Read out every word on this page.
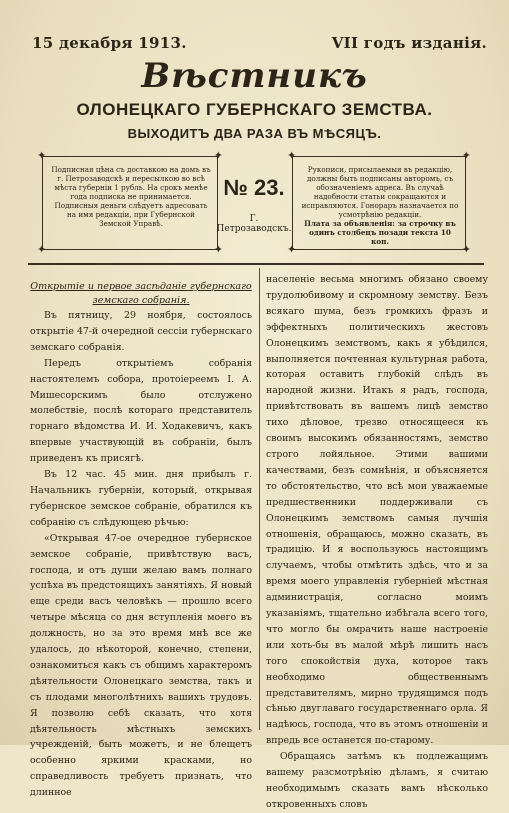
15 декабря 1913.	VII годъ изданія.
Вѣстникъ
ОЛОНЕЦКАГО ГУБЕРНСКАГО ЗЕМСТВА.
ВЫХОДИТЪ ДВА РАЗА ВЪ МѢСЯЦЪ.
✦	✦
✦	✦
Подписная цѣна съ доставкою на домъ въ г. Петрозаводскѣ и пересылкою во всѣ мѣста губерніи 1 рубль. На срокъ менѣе года подписка не принимается. Подписныя деньги слѣдуетъ адресовать на имя редакціи, при Губернской Земской Управѣ.
№ 23.
Г. Петрозаводскъ.
✦	✦
✦	✦
Рукописи, присылаемыя въ редакцію, должны быть подписаны авторомъ, съ обозначеніемъ адреса. Въ случаѣ надобности статьи сокращаются и исправляются. Гонораръ назначается по усмотрѣнію редакціи.
Плата за объявленія: за строчку въ одинъ столбецъ позади текста 10 коп.

Открытіе и первое засѣданіе губернскаго земскаго собранія.

Въ пятницу, 29 ноября, состоялось открытіе 47-й очередной сессіи губернскаго земскаго собранія.

Передъ открытіемъ собранія настоятелемъ собора, протоіереемъ I. А. Мишесорскимъ было отслужено молебствіе, послѣ котораго представитель горнаго вѣдомства И. И. Ходакевичъ, какъ впервые участвующій въ собраніи, былъ приведенъ къ присягѣ.

Въ 12 час. 45 мин. дня прибылъ г. Начальникъ губерніи, который, открывая губернское земское собраніе, обратился къ собранію съ слѣдующею рѣчью:

«Открывая 47-ое очередное губернское земское собраніе, привѣтствую васъ, господа, и отъ души желаю вамъ полнаго успѣха въ предстоящихъ занятіяхъ. Я новый еще среди васъ человѣкъ — прошло всего четыре мѣсяца со дня вступленія моего въ должность, но за это время мнѣ все же удалось, до нѣкоторой, конечно, степени, ознакомиться какъ съ общимъ характеромъ дѣятельности Олонецкаго земства, такъ и съ плодами многолѣтнихъ вашихъ трудовъ. Я позволю себѣ сказать, что хотя дѣятельность мѣстныхъ земскихъ учрежденій, быть можетъ, и не блещетъ особенно яркими красками, но справедливость требуетъ признать, что длинное

населеніе весьма многимъ обязано своему трудолюбивому и скромному земству. Безъ всякаго шума, безъ громкихъ фразъ и эффектныхъ политическихъ жестовъ Олонецкимъ земствомъ, какъ я убѣдился, выполняется почтенная культурная работа, которая оставитъ глубокій слѣдъ въ народной жизни. Итакъ я радъ, господа, привѣтствовать въ вашемъ лицѣ земство тихо дѣловое, трезво относящееся къ своимъ высокимъ обязанностямъ, земство строго лойяльное. Этими вашими качествами, безъ сомнѣнія, и объясняется то обстоятельство, что всѣ мои уважаемые предшественники поддерживали съ Олонецкимъ земствомъ самыя лучшія отношенія, обращаюсь, можно сказать, въ традицію. И я воспользуюсь настоящимъ случаемъ, чтобы отмѣтить здѣсь, что и за время моего управленія губерніей мѣстная администрація, согласно моимъ указаніямъ, тщательно избѣгала всего того, что могло бы омрачить наше настроеніе или хоть-бы въ малой мѣрѣ лишить насъ того спокойствія духа, которое такъ необходимо общественнымъ представителямъ, мирно трудящимся подъ сѣнью двуглаваго государственнаго орла. Я надѣюсь, господа, что въ этомъ отношеніи и впредь все останется по-старому.

Обращаясь затѣмъ къ подлежащимъ вашему разсмотрѣнію дѣламъ, я считаю необходимымъ сказать вамъ нѣсколько откровенныхъ словъ
